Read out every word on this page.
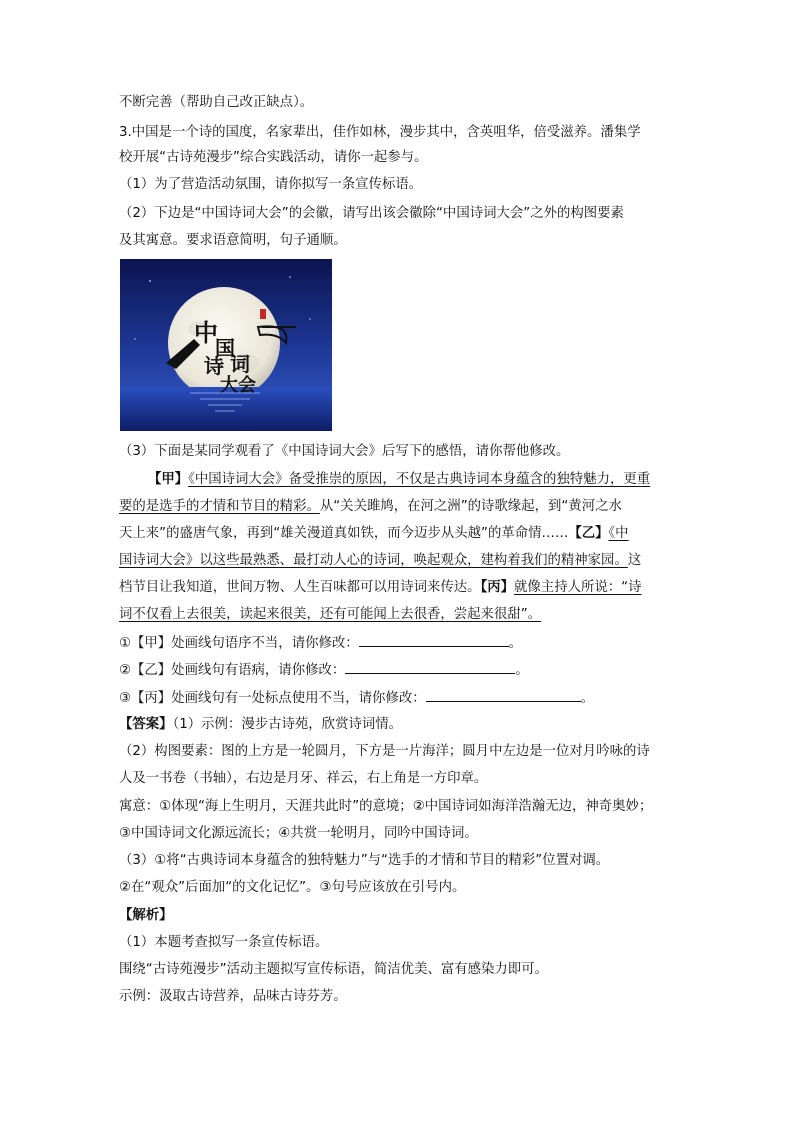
不断完善（帮助自己改正缺点）。
3.中国是一个诗的国度，名家辈出，佳作如林，漫步其中，含英咀华，倍受滋养。潘集学
校开展“古诗苑漫步”综合实践活动，请你一起参与。
（1）为了营造活动氛围，请你拟写一条宣传标语。
（2）下边是“中国诗词大会”的会徽，请写出该会徽除“中国诗词大会”之外的构图要素
及其寓意。要求语意简明，句子通顺。
中
国
诗 词
大 会
（3）下面是某同学观看了《中国诗词大会》后写下的感悟，请你帮他修改。
【甲】《中国诗词大会》备受推崇的原因，不仅是古典诗词本身蕴含的独特魅力，更重
要的是选手的才情和节目的精彩。从“关关雎鸠，在河之洲”的诗歌缘起，到“黄河之水
天上来”的盛唐气象，再到“雄关漫道真如铁，而今迈步从头越”的革命情……【乙】《中
国诗词大会》以这些最熟悉、最打动人心的诗词，唤起观众，建构着我们的精神家园。这
档节目让我知道，世间万物、人生百味都可以用诗词来传达。【丙】就像主持人所说：“诗
词不仅看上去很美，读起来很美，还有可能闻上去很香，尝起来很甜”。
①【甲】处画线句语序不当，请你修改：	。
②【乙】处画线句有语病，请你修改：	。
③【丙】处画线句有一处标点使用不当，请你修改：	。
【答案】（1）示例：漫步古诗苑，欣赏诗词情。
（2）构图要素：图的上方是一轮圆月，下方是一片海洋；圆月中左边是一位对月吟咏的诗
人及一书卷（书轴），右边是月牙、祥云，右上角是一方印章。
寓意：①体现“海上生明月，天涯共此时”的意境；②中国诗词如海洋浩瀚无边，神奇奥妙；
③中国诗词文化源远流长；④共赏一轮明月，同吟中国诗词。
（3）①将“古典诗词本身蕴含的独特魅力”与“选手的才情和节目的精彩”位置对调。
②在“观众”后面加“的文化记忆”。③句号应该放在引号内。
【解析】
（1）本题考查拟写一条宣传标语。
围绕“古诗苑漫步”活动主题拟写宣传标语，简洁优美、富有感染力即可。
示例：汲取古诗营养，品味古诗芬芳。
